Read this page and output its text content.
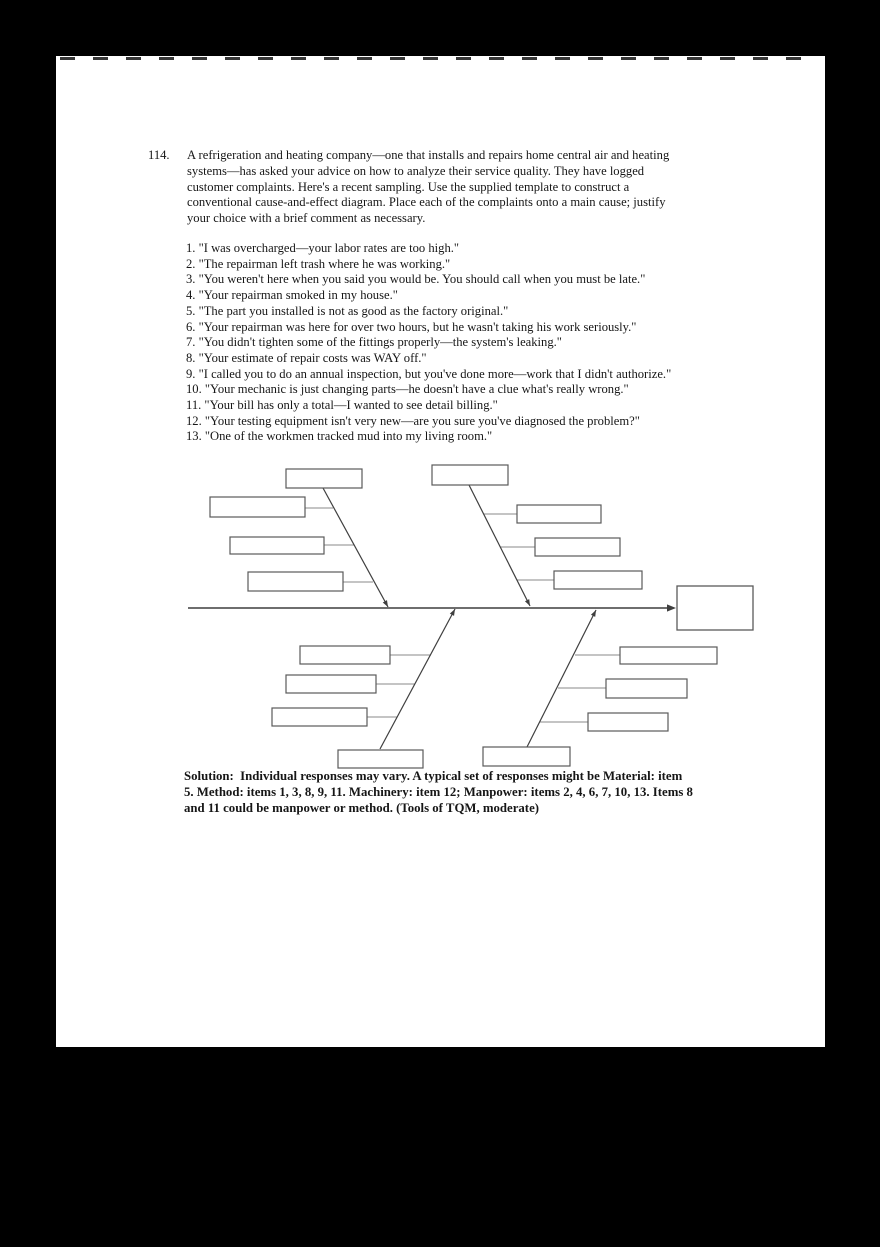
114.	A refrigeration and heating company—one that installs and repairs home central air and heating
systems—has asked your advice on how to analyze their service quality. They have logged
customer complaints. Here's a recent sampling. Use the supplied template to construct a
conventional cause-and-effect diagram. Place each of the complaints onto a main cause; justify
your choice with a brief comment as necessary.
1. "I was overcharged—your labor rates are too high."
2. "The repairman left trash where he was working."
3. "You weren't here when you said you would be. You should call when you must be late."
4. "Your repairman smoked in my house."
5. "The part you installed is not as good as the factory original."
6. "Your repairman was here for over two hours, but he wasn't taking his work seriously."
7. "You didn't tighten some of the fittings properly—the system's leaking."
8. "Your estimate of repair costs was WAY off."
9. "I called you to do an annual inspection, but you've done more—work that I didn't authorize."
10. "Your mechanic is just changing parts—he doesn't have a clue what's really wrong."
11. "Your bill has only a total—I wanted to see detail billing."
12. "Your testing equipment isn't very new—are you sure you've diagnosed the problem?"
13. "One of the workmen tracked mud into my living room."
Solution:  Individual responses may vary. A typical set of responses might be Material: item
5. Method: items 1, 3, 8, 9, 11. Machinery: item 12; Manpower: items 2, 4, 6, 7, 10, 13. Items 8
and 11 could be manpower or method. (Tools of TQM, moderate)
